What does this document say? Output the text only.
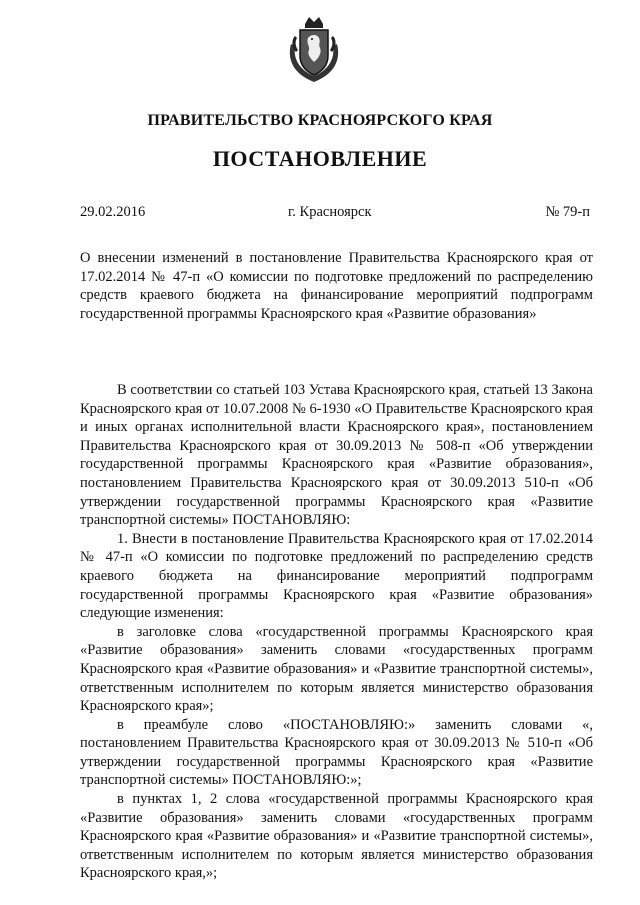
ПРАВИТЕЛЬСТВО КРАСНОЯРСКОГО КРАЯ
ПОСТАНОВЛЕНИЕ
29.02.2016	г. Красноярск	№ 79-п
О внесении изменений в постановление Правительства Красноярского края от 17.02.2014 № 47-п «О комиссии по подготовке предложений по распределению средств краевого бюджета на финансирование мероприятий подпрограмм государственной программы Красноярского края «Развитие образования»

В соответствии со статьей 103 Устава Красноярского края, статьей 13 Закона Красноярского края от 10.07.2008 № 6-1930 «О Правительстве Красноярского края и иных органах исполнительной власти Красноярского края», постановлением Правительства Красноярского края от 30.09.2013 № 508-п «Об утверждении государственной программы Красноярского края «Развитие образования», постановлением Правительства Красноярского края от 30.09.2013 510-п «Об утверждении государственной программы Красноярского края «Развитие транспортной системы» ПОСТАНОВЛЯЮ:

1. Внести в постановление Правительства Красноярского края от 17.02.2014 № 47-п «О комиссии по подготовке предложений по распределению средств краевого бюджета на финансирование мероприятий подпрограмм государственной программы Красноярского края «Развитие образования» следующие изменения:

в заголовке слова «государственной программы Красноярского края «Развитие образования» заменить словами «государственных программ Красноярского края «Развитие образования» и «Развитие транспортной системы», ответственным исполнителем по которым является министерство образования Красноярского края»;

в преамбуле слово «ПОСТАНОВЛЯЮ:» заменить словами «, постановлением Правительства Красноярского края от 30.09.2013 № 510-п «Об утверждении государственной программы Красноярского края «Развитие транспортной системы» ПОСТАНОВЛЯЮ:»;

в пунктах 1, 2 слова «государственной программы Красноярского края «Развитие образования» заменить словами «государственных программ Красноярского края «Развитие образования» и «Развитие транспортной системы», ответственным исполнителем по которым является министерство образования Красноярского края,»;
